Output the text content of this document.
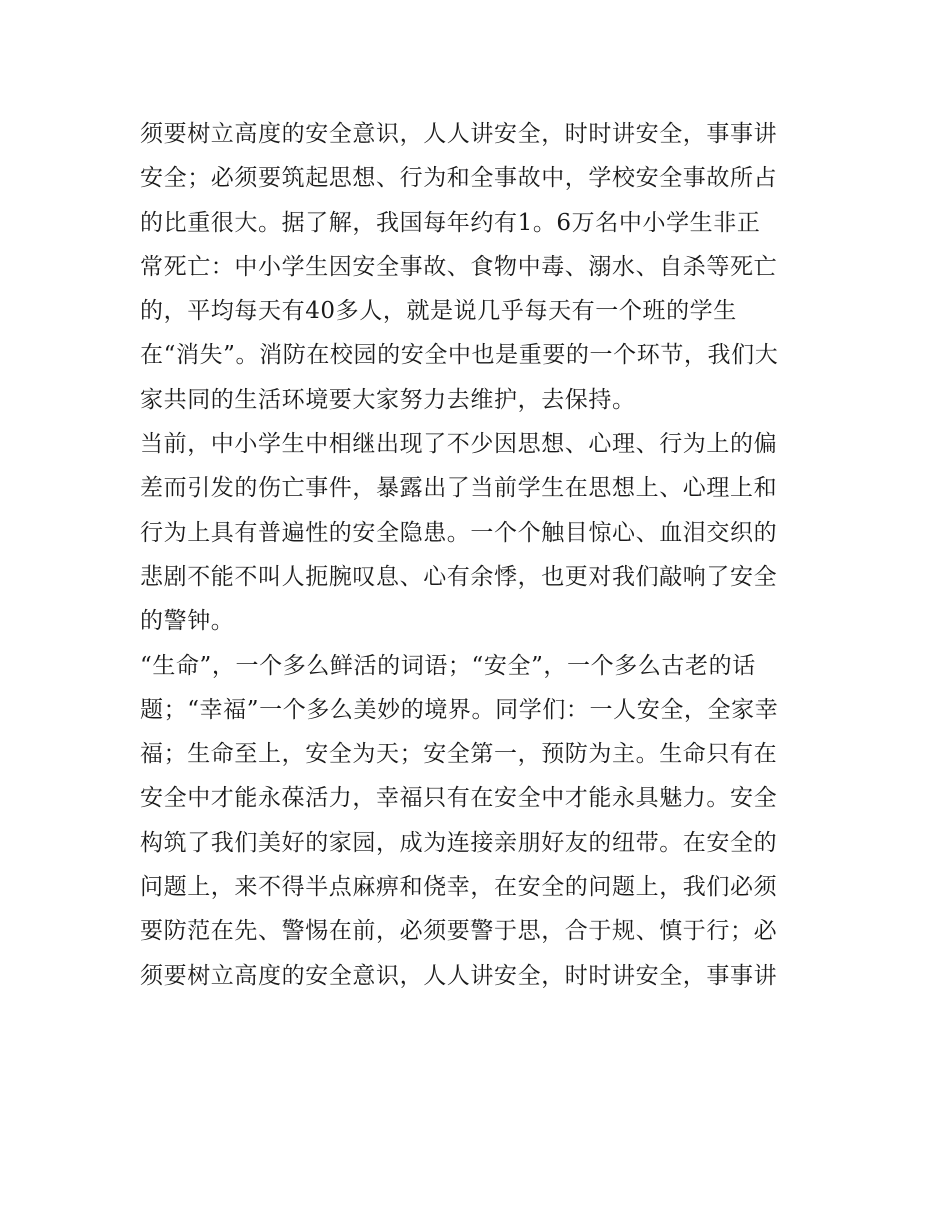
须要树立高度的安全意识，人人讲安全，时时讲安全，事事讲
安全；必须要筑起思想、行为和全事故中，学校安全事故所占
的比重很大。据了解，我国每年约有1。6万名中小学生非正
常死亡：中小学生因安全事故、食物中毒、溺水、自杀等死亡
的，平均每天有40多人，就是说几乎每天有一个班的学生
在“消失”。消防在校园的安全中也是重要的一个环节，我们大
家共同的生活环境要大家努力去维护，去保持。
当前，中小学生中相继出现了不少因思想、心理、行为上的偏
差而引发的伤亡事件，暴露出了当前学生在思想上、心理上和
行为上具有普遍性的安全隐患。一个个触目惊心、血泪交织的
悲剧不能不叫人扼腕叹息、心有余悸，也更对我们敲响了安全
的警钟。
“生命”，一个多么鲜活的词语；“安全”，一个多么古老的话
题；“幸福”一个多么美妙的境界。同学们：一人安全，全家幸
福；生命至上，安全为天；安全第一，预防为主。生命只有在
安全中才能永葆活力，幸福只有在安全中才能永具魅力。安全
构筑了我们美好的家园，成为连接亲朋好友的纽带。在安全的
问题上，来不得半点麻痹和侥幸，在安全的问题上，我们必须
要防范在先、警惕在前，必须要警于思，合于规、慎于行；必
须要树立高度的安全意识，人人讲安全，时时讲安全，事事讲
